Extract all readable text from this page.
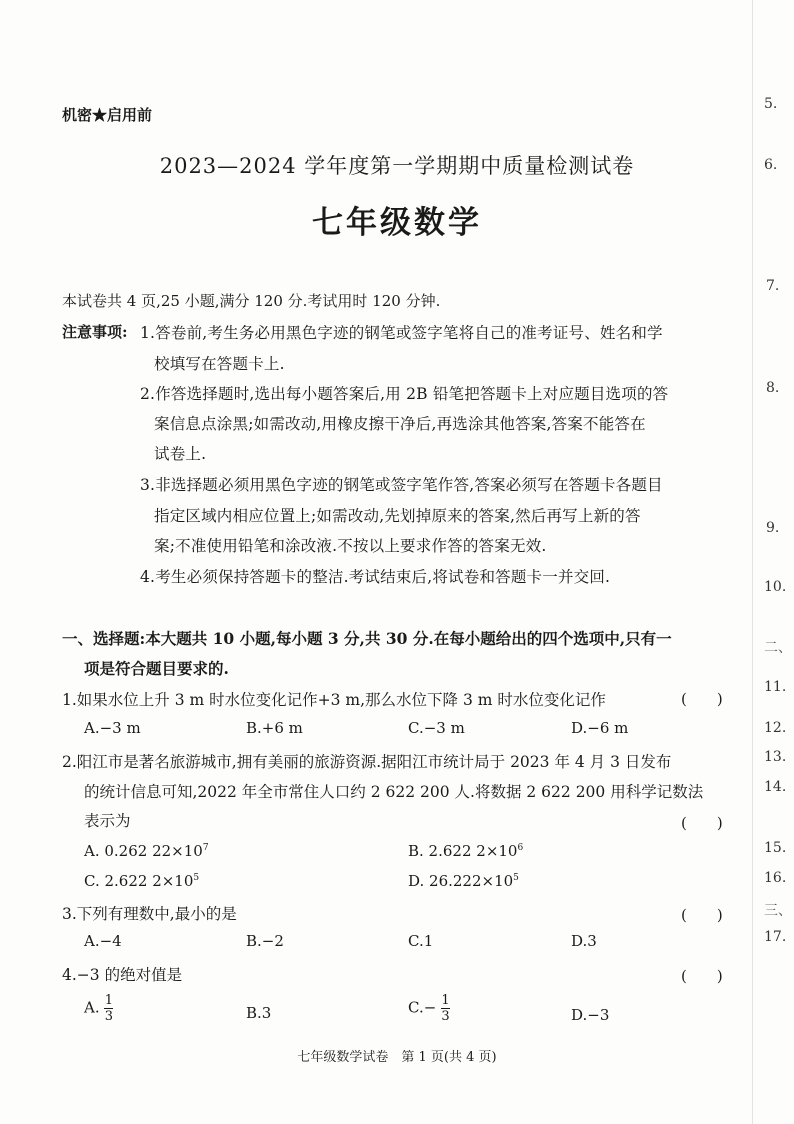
机密★启用前
2023—2024 学年度第一学期期中质量检测试卷
七年级数学
本试卷共 4 页,25 小题,满分 120 分.考试用时 120 分钟.
注意事项: 1.答卷前,考生务必用黑色字迹的钢笔或签字笔将自己的准考证号、姓名和学
校填写在答题卡上.
2.作答选择题时,选出每小题答案后,用 2B 铅笔把答题卡上对应题目选项的答
案信息点涂黑;如需改动,用橡皮擦干净后,再选涂其他答案,答案不能答在
试卷上.
3.非选择题必须用黑色字迹的钢笔或签字笔作答,答案必须写在答题卡各题目
指定区域内相应位置上;如需改动,先划掉原来的答案,然后再写上新的答
案;不准使用铅笔和涂改液.不按以上要求作答的答案无效.
4.考生必须保持答题卡的整洁.考试结束后,将试卷和答题卡一并交回.
一、选择题:本大题共 10 小题,每小题 3 分,共 30 分.在每小题给出的四个选项中,只有一
项是符合题目要求的.
1.如果水位上升 3 m 时水位变化记作+3 m,那么水位下降 3 m 时水位变化记作	(　　)
A.−3 m	B.+6 m	C.−3 m	D.−6 m
2.阳江市是著名旅游城市,拥有美丽的旅游资源.据阳江市统计局于 2023 年 4 月 3 日发布
的统计信息可知,2022 年全市常住人口约 2 622 200 人.将数据 2 622 200 用科学记数法
表示为	(　　)
A. 0.262 $22\times 10^7$	B. 2.622 $2\times 10^6$
C. 2.622 $2\times 10^5$	D. $26.222\times 10^5$
3.下列有理数中,最小的是	(　　)
A.−4	B.−2	C.1	D.3
4.−3 的绝对值是	(　　)
A. $\frac{1}{3}$	B.3	$C.- \frac{1}{3}$	D.−3
七年级数学试卷　第 1 页(共 4 页)
5.
6.
7.
8.
9.
10.
二、
11.
12.
13.
14.
15.
16.
三、
17.
